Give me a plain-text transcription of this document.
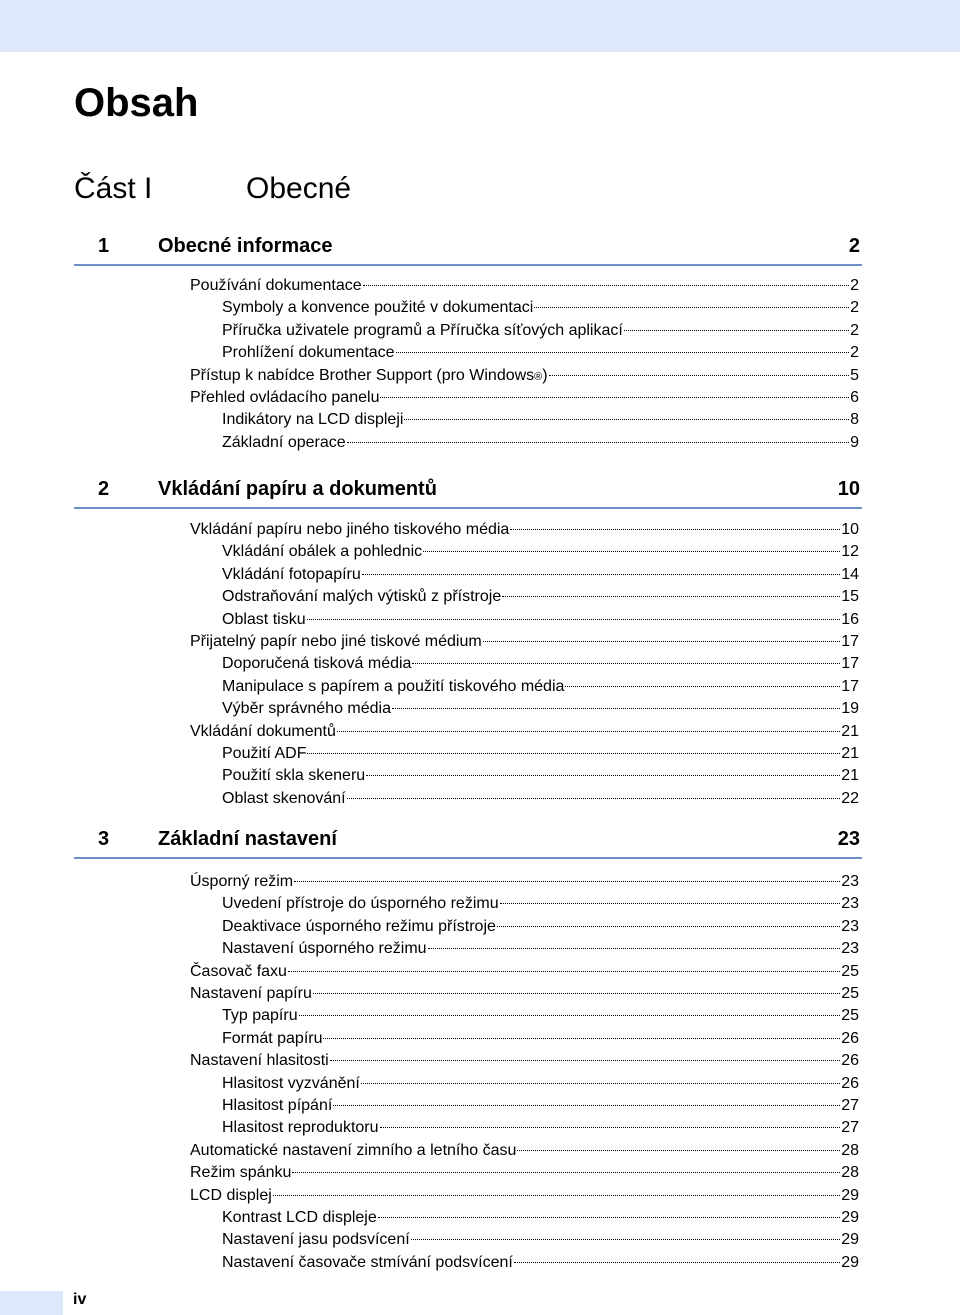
Obsah
Část I	Obecné
1 Obecné informace	2
Používání dokumentace	2
Symboly a konvence použité v dokumentaci	2
Příručka uživatele programů a Příručka síťových aplikací	2
Prohlížení dokumentace	2
Přístup k nabídce Brother Support (pro Windows ® )	5
Přehled ovládacího panelu	6
Indikátory na LCD displeji	8
Základní operace	9
2 Vkládání papíru a dokumentů	10
Vkládání papíru nebo jiného tiskového média	10
Vkládání obálek a pohlednic	12
Vkládání fotopapíru	14
Odstraňování malých výtisků z přístroje	15
Oblast tisku	16
Přijatelný papír nebo jiné tiskové médium	17
Doporučená tisková média	17
Manipulace s papírem a použití tiskového média	17
Výběr správného média	19
Vkládání dokumentů	21
Použití ADF	21
Použití skla skeneru	21
Oblast skenování	22
3 Základní nastavení	23
Úsporný režim	23
Uvedení přístroje do úsporného režimu	23
Deaktivace úsporného režimu přístroje	23
Nastavení úsporného režimu	23
Časovač faxu	25
Nastavení papíru	25
Typ papíru	25
Formát papíru	26
Nastavení hlasitosti	26
Hlasitost vyzvánění	26
Hlasitost pípání	27
Hlasitost reproduktoru	27
Automatické nastavení zimního a letního času	28
Režim spánku	28
LCD displej	29
Kontrast LCD displeje	29
Nastavení jasu podsvícení	29
Nastavení časovače stmívání podsvícení	29
iv
